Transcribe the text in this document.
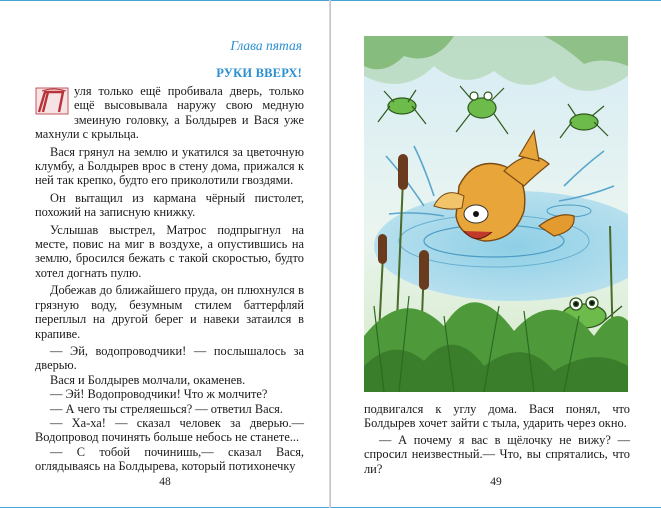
Глава пятая
РУКИ ВВЕРХ!

П
уля только ещё пробивала дверь, только ещё высовывала наружу свою медную змеиную головку, а Болдырев и Вася уже махнули с крыльца.

Вася грянул на землю и укатился за цветочную клумбу, а Болдырев врос в стену дома, прижался к ней так крепко, будто его приколотили гвоздями.

Он вытащил из кармана чёрный пистолет, похожий на записную книжку.

Услышав выстрел, Матрос подпрыгнул на месте, повис на миг в воздухе, а опустившись на землю, бросился бежать с такой скоростью, будто хотел догнать пулю.

Добежав до ближайшего пруда, он плюхнулся в грязную воду, безумным стилем баттерфляй переплыл на другой берег и навеки затаился в крапиве.

— Эй, водопроводчики! — послышалось за дверью.

Вася и Болдырев молчали, окаменев.

— Эй! Водопроводчики! Что ж молчите?

— А чего ты стреляешься? — ответил Вася.

— Ха-ха! — сказал человек за дверью.— Водопровод починять больше небось не станете...

— С тобой починишь,— сказал Вася, оглядываясь на Болдырева, который потихонечку

48

подвигался к углу дома. Вася понял, что Болдырев хочет зайти с тыла, ударить через окно.

— А почему я вас в щёлочку не вижу? — спросил неизвестный.— Что, вы спрятались, что ли?

49
